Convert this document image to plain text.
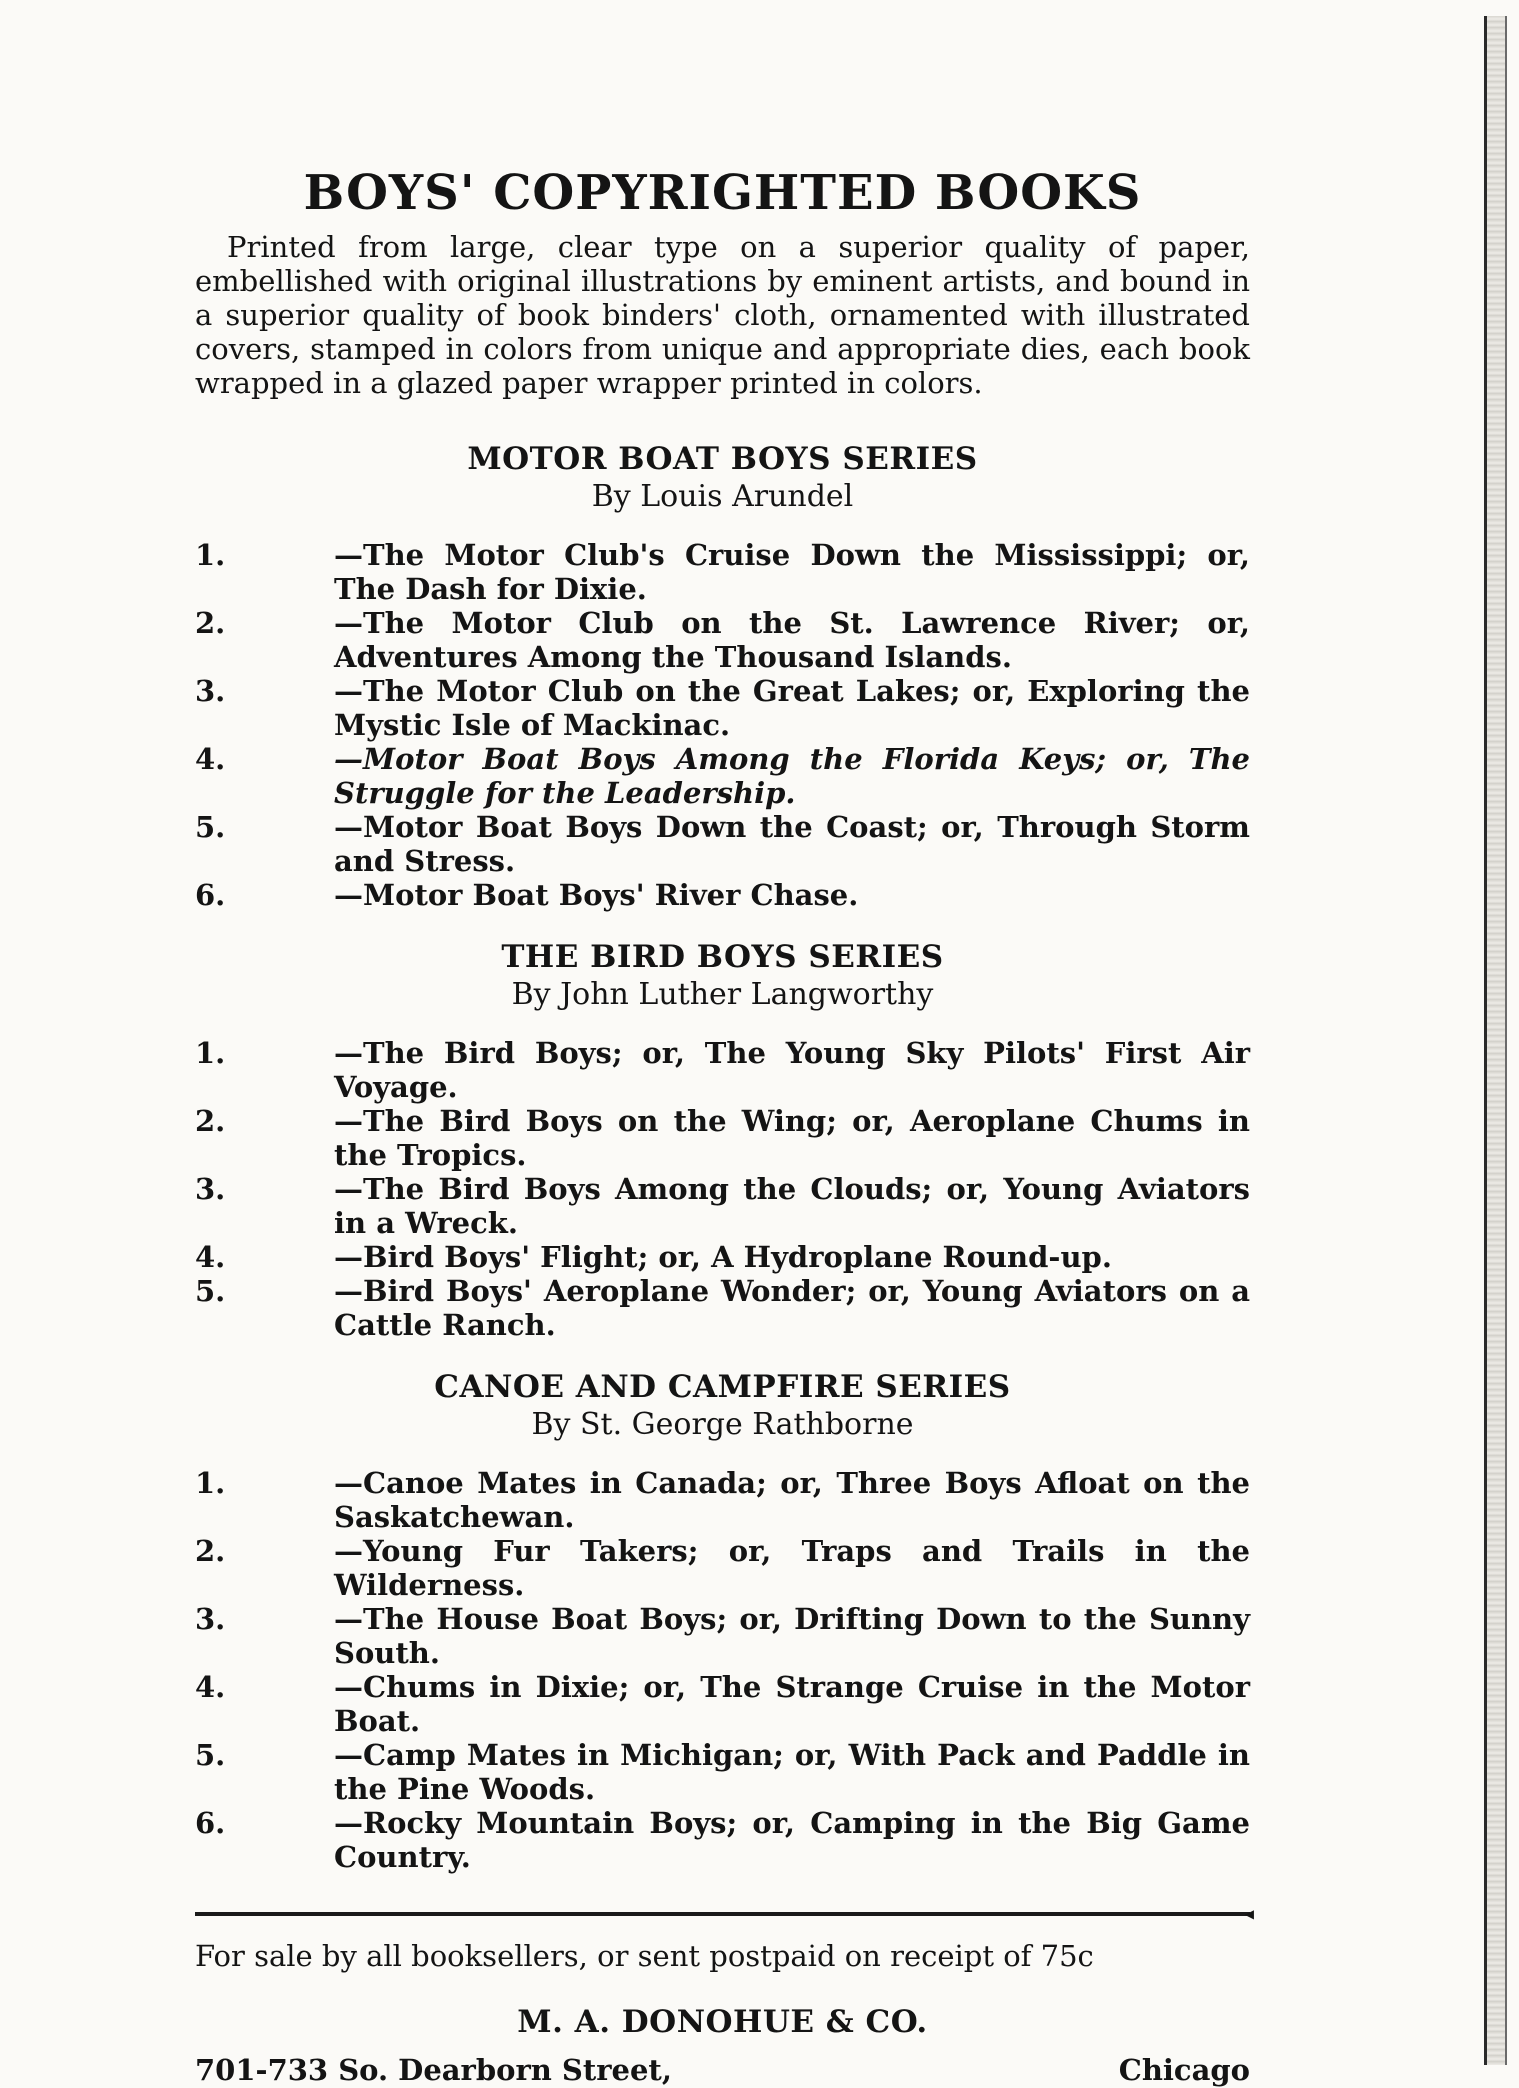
BOYS' COPYRIGHTED BOOKS

Printed from large, clear type on a superior quality of paper, embellished with original illustrations by eminent artists, and bound in a superior quality of book binders' cloth, ornamented with illustrated covers, stamped in colors from unique and appropriate dies, each book wrapped in a glazed paper wrapper printed in colors.

MOTOR BOAT BOYS SERIES
By Louis Arundel
1.	—The Motor Club's Cruise Down the Mississippi; or, The Dash for Dixie.
2.	—The Motor Club on the St. Lawrence River; or, Adventures Among the Thousand Islands.
3.	—The Motor Club on the Great Lakes; or, Exploring the Mystic Isle of Mackinac.
4.	—Motor Boat Boys Among the Florida Keys; or, The Struggle for the Leadership.
5.	—Motor Boat Boys Down the Coast; or, Through Storm and Stress.
6.	—Motor Boat Boys' River Chase.
THE BIRD BOYS SERIES
By John Luther Langworthy
1.	—The Bird Boys; or, The Young Sky Pilots' First Air Voyage.
2.	—The Bird Boys on the Wing; or, Aeroplane Chums in the Tropics.
3.	—The Bird Boys Among the Clouds; or, Young Aviators in a Wreck.
4.	—Bird Boys' Flight; or, A Hydroplane Round-up.
5.	—Bird Boys' Aeroplane Wonder; or, Young Aviators on a Cattle Ranch.
CANOE AND CAMPFIRE SERIES
By St. George Rathborne
1.	—Canoe Mates in Canada; or, Three Boys Afloat on the Saskatchewan.
2.	—Young Fur Takers; or, Traps and Trails in the Wilderness.
3.	—The House Boat Boys; or, Drifting Down to the Sunny South.
4.	—Chums in Dixie; or, The Strange Cruise in the Motor Boat.
5.	—Camp Mates in Michigan; or, With Pack and Paddle in the Pine Woods.
6.	—Rocky Mountain Boys; or, Camping in the Big Game Country.
◀

For sale by all booksellers, or sent postpaid on receipt of 75c

M. A. DONOHUE & CO.
701-733 So. Dearborn Street,	Chicago
